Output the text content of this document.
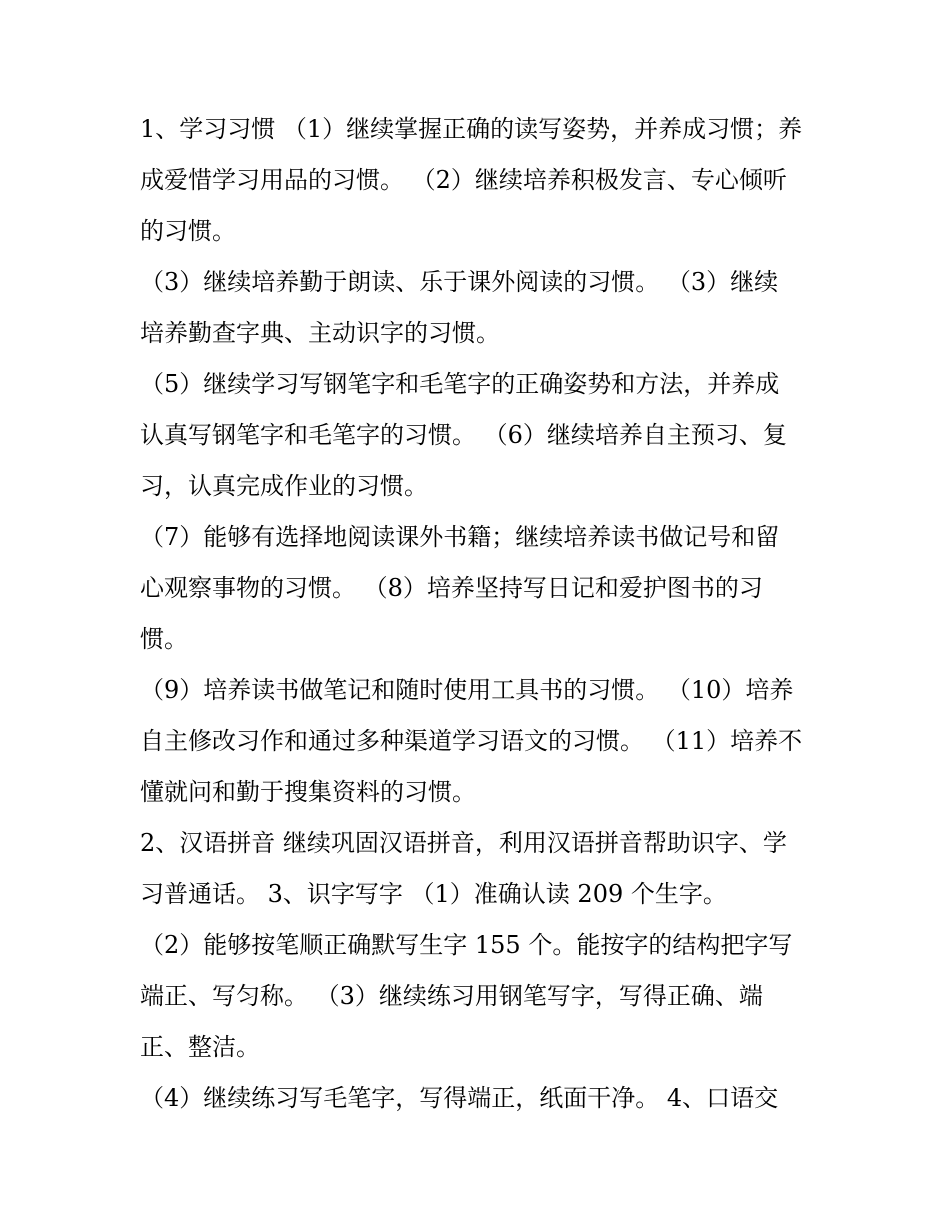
1、学习习惯 （1）继续掌握正确的读写姿势，并养成习惯；养
成爱惜学习用品的习惯。 （2）继续培养积极发言、专心倾听
的习惯。
（3）继续培养勤于朗读、乐于课外阅读的习惯。 （3）继续
培养勤查字典、主动识字的习惯。
（5）继续学习写钢笔字和毛笔字的正确姿势和方法，并养成
认真写钢笔字和毛笔字的习惯。 （6）继续培养自主预习、复
习，认真完成作业的习惯。
（7）能够有选择地阅读课外书籍；继续培养读书做记号和留
心观察事物的习惯。 （8）培养坚持写日记和爱护图书的习
惯。
（9）培养读书做笔记和随时使用工具书的习惯。 （10）培养
自主修改习作和通过多种渠道学习语文的习惯。 （11）培养不
懂就问和勤于搜集资料的习惯。
2、汉语拼音 继续巩固汉语拼音，利用汉语拼音帮助识字、学
习普通话。 3、识字写字 （1）准确认读 209 个生字。
（2）能够按笔顺正确默写生字 155 个。能按字的结构把字写
端正、写匀称。 （3）继续练习用钢笔写字，写得正确、端
正、整洁。
（4）继续练习写毛笔字，写得端正，纸面干净。 4、口语交
